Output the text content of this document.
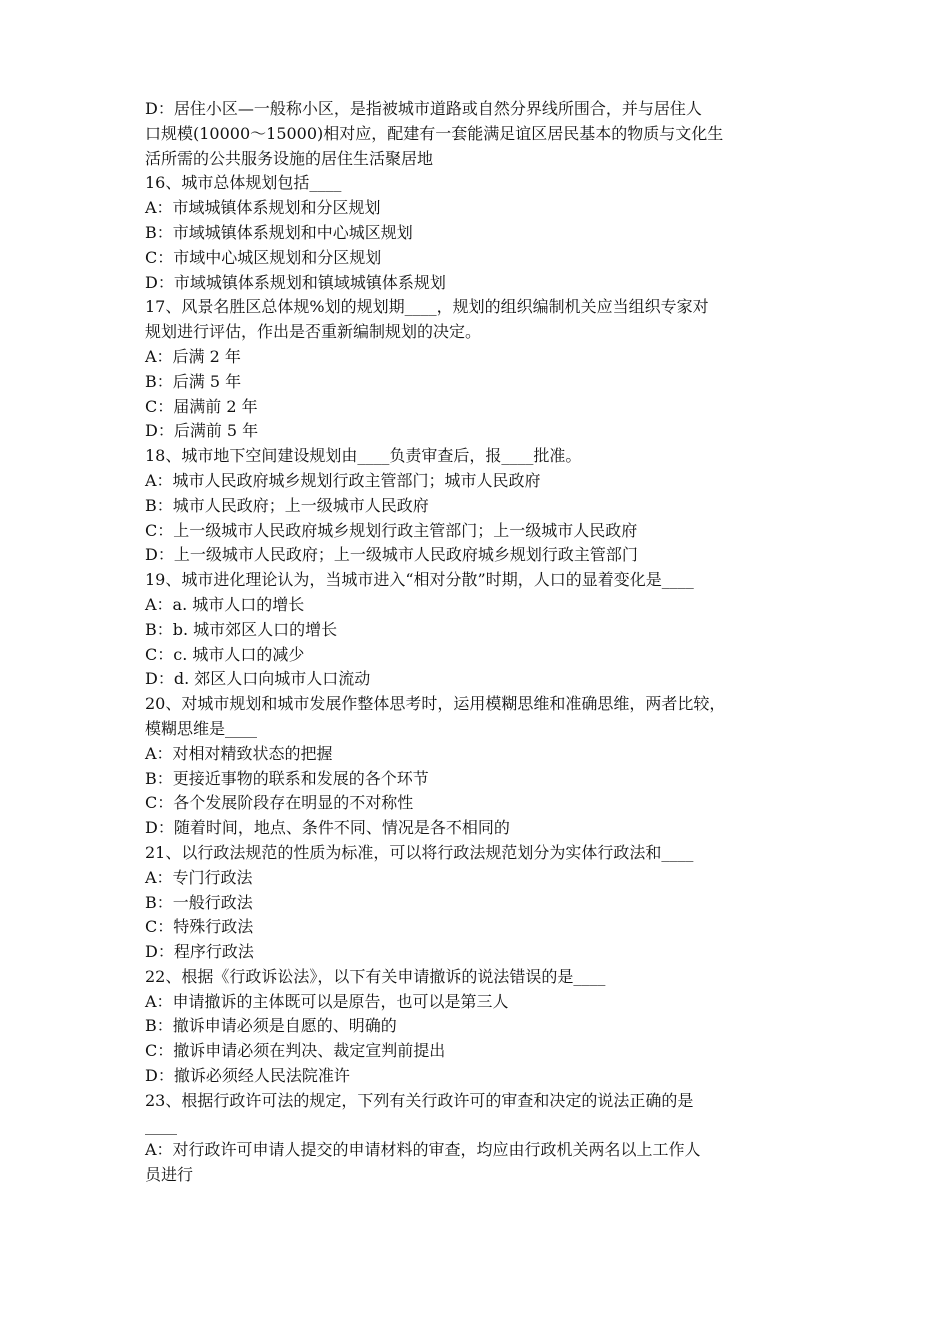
D：居住小区—一般称小区，是指被城市道路或自然分界线所围合，并与居住人

口规模(10000～15000)相对应，配建有一套能满足谊区居民基本的物质与文化生

活所需的公共服务设施的居住生活聚居地

16、城市总体规划包括____

A：市域城镇体系规划和分区规划

B：市域城镇体系规划和中心城区规划

C：市域中心城区规划和分区规划

D：市域城镇体系规划和镇域城镇体系规划

17、风景名胜区总体规%划的规划期____，规划的组织编制机关应当组织专家对

规划进行评估，作出是否重新编制规划的决定。

A：后满 2 年

B：后满 5 年

C：届满前 2 年

D：后满前 5 年

18、城市地下空间建设规划由____负责审查后，报____批准。

A：城市人民政府城乡规划行政主管部门；城市人民政府

B：城市人民政府；上一级城市人民政府

C：上一级城市人民政府城乡规划行政主管部门；上一级城市人民政府

D：上一级城市人民政府；上一级城市人民政府城乡规划行政主管部门

19、城市进化理论认为，当城市进入“相对分散”时期，人口的显着变化是____

A：a. 城市人口的增长

B：b. 城市郊区人口的增长

C：c. 城市人口的减少

D：d. 郊区人口向城市人口流动

20、对城市规划和城市发展作整体思考时，运用模糊思维和准确思维，两者比较，

模糊思维是____

A：对相对精致状态的把握

B：更接近事物的联系和发展的各个环节

C：各个发展阶段存在明显的不对称性

D：随着时间，地点、条件不同、情况是各不相同的

21、以行政法规范的性质为标准，可以将行政法规范划分为实体行政法和____

A：专门行政法

B：一般行政法

C：特殊行政法

D：程序行政法

22、根据《行政诉讼法》，以下有关申请撤诉的说法错误的是____

A：申请撤诉的主体既可以是原告，也可以是第三人

B：撤诉申请必须是自愿的、明确的

C：撤诉申请必须在判决、裁定宣判前提出

D：撤诉必须经人民法院准许

23、根据行政许可法的规定，下列有关行政许可的审查和决定的说法正确的是

____

A：对行政许可申请人提交的申请材料的审查，均应由行政机关两名以上工作人

员进行
